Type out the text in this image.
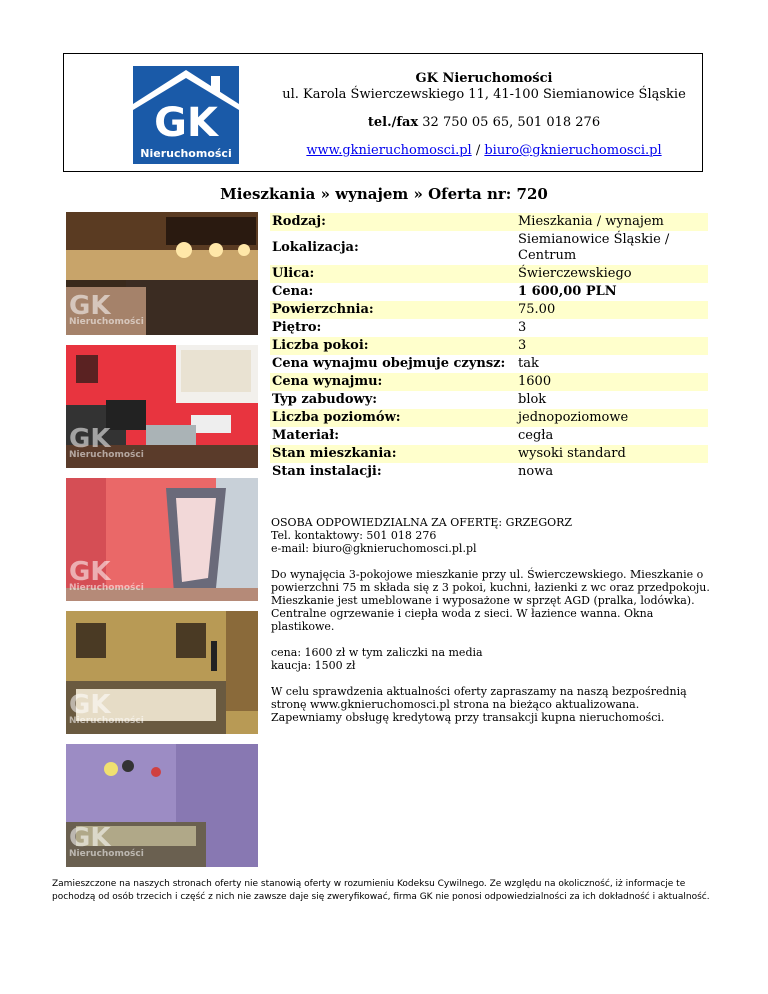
GK
Nieruchomości
GK Nieruchomości
ul. Karola Świerczewskiego 11, 41-100 Siemianowice Śląskie
tel./fax 32 750 05 65, 501 018 276
www.gknieruchomosci.pl / biuro@gknieruchomosci.pl
Mieszkania » wynajem » Oferta nr: 720
GK
Nieruchomości
GK
Nieruchomości
GK
Nieruchomości
GK
Nieruchomości
GK
Nieruchomości
Rodzaj:	Mieszkania / wynajem
Lokalizacja:	Siemianowice Śląskie / Centrum
Ulica:	Świerczewskiego
Cena:	1 600,00 PLN
Powierzchnia:	75.00
Piętro:	3
Liczba pokoi:	3
Cena wynajmu obejmuje czynsz:	tak
Cena wynajmu:	1600
Typ zabudowy:	blok
Liczba poziomów:	jednopoziomowe
Materiał:	cegła
Stan mieszkania:	wysoki standard
Stan instalacji:	nowa

OSOBA ODPOWIEDZIALNA ZA OFERTĘ: GRZEGORZ
Tel. kontaktowy: 501 018 276
e-mail: biuro@gknieruchomosci.pl.pl

Do wynajęcia 3-pokojowe mieszkanie przy ul. Świerczewskiego. Mieszkanie o powierzchni 75 m składa się z 3 pokoi, kuchni, łazienki z wc oraz przedpokoju. Mieszkanie jest umeblowane i wyposażone w sprzęt AGD (pralka, lodówka). Centralne ogrzewanie i ciepła woda z sieci. W łazience wanna. Okna plastikowe.

cena: 1600 zł w tym zaliczki na media
kaucja: 1500 zł

W celu sprawdzenia aktualności oferty zapraszamy na naszą bezpośrednią stronę www.gknieruchomosci.pl strona na bieżąco aktualizowana. Zapewniamy obsługę kredytową przy transakcji kupna nieruchomości.

Zamieszczone na naszych stronach oferty nie stanowią oferty w rozumieniu Kodeksu Cywilnego. Ze względu na okoliczność, iż informacje te pochodzą od osób trzecich i część z nich nie zawsze daje się zweryfikować, firma GK nie ponosi odpowiedzialności za ich dokładność i aktualność.
